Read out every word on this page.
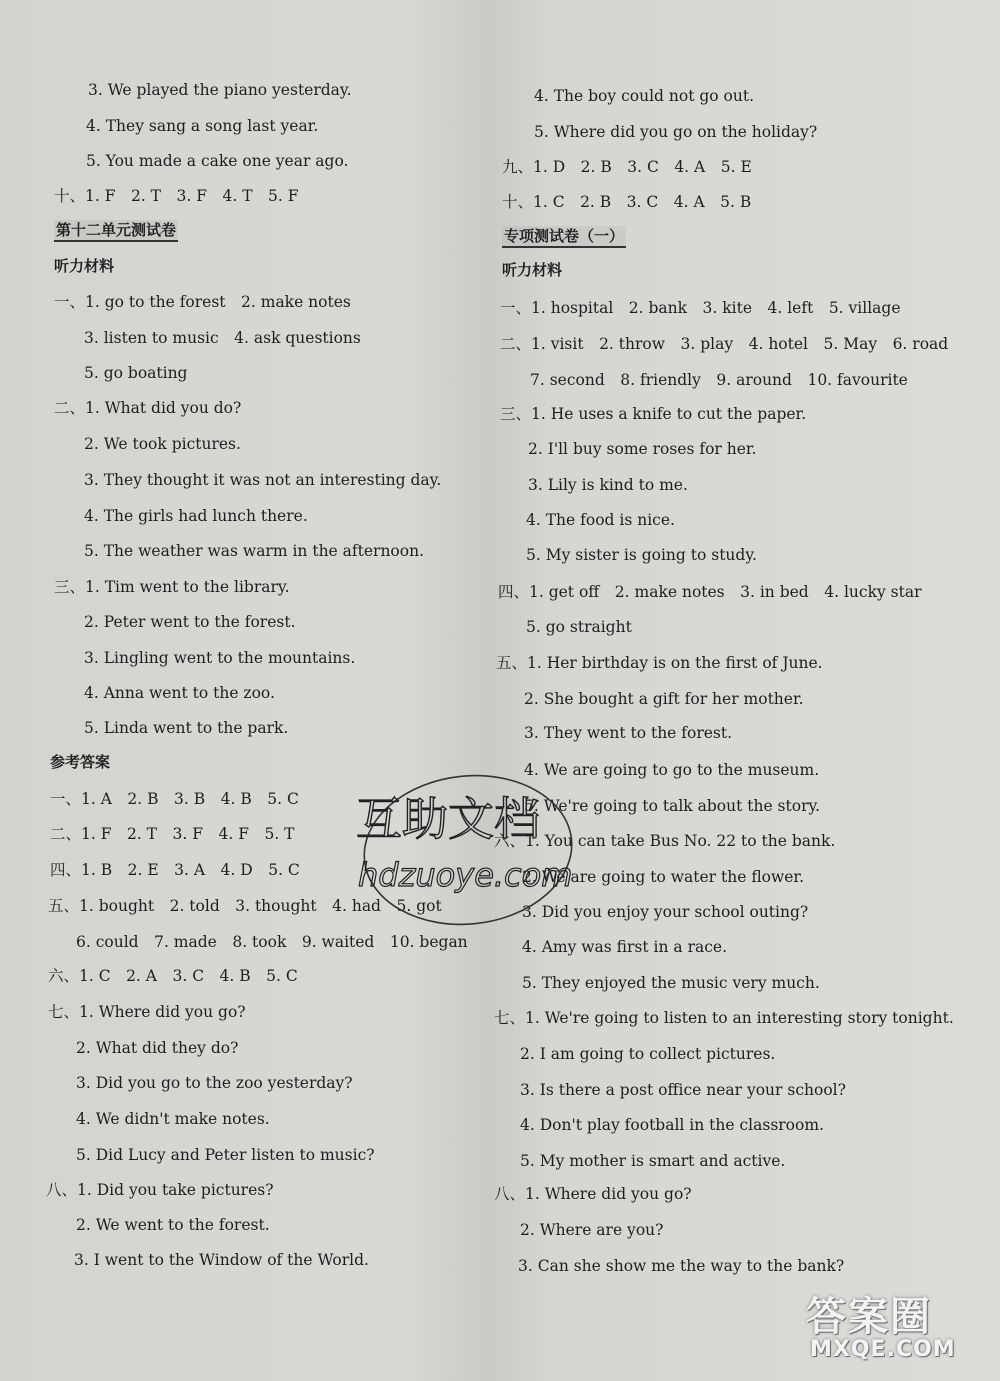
3. We played the piano yesterday.
4. They sang a song last year.
5. You made a cake one year ago.
十、1. F　2. T　3. F　4. T　5. F
第十二单元测试卷
听力材料
一、1. go to the forest　2. make notes
3. listen to music　4. ask questions
5. go boating
二、1. What did you do?
2. We took pictures.
3. They thought it was not an interesting day.
4. The girls had lunch there.
5. The weather was warm in the afternoon.
三、1. Tim went to the library.
2. Peter went to the forest.
3. Lingling went to the mountains.
4. Anna went to the zoo.
5. Linda went to the park.
参考答案
一、1. A　2. B　3. B　4. B　5. C
二、1. F　2. T　3. F　4. F　5. T
四、1. B　2. E　3. A　4. D　5. C
五、1. bought　2. told　3. thought　4. had　5. got
6. could　7. made　8. took　9. waited　10. began
六、1. C　2. A　3. C　4. B　5. C
七、1. Where did you go?
2. What did they do?
3. Did you go to the zoo yesterday?
4. We didn't make notes.
5. Did Lucy and Peter listen to music?
八、1. Did you take pictures?
2. We went to the forest.
3. I went to the Window of the World.
4. The boy could not go out.
5. Where did you go on the holiday?
九、1. D　2. B　3. C　4. A　5. E
十、1. C　2. B　3. C　4. A　5. B
专项测试卷（一）
听力材料
一、1. hospital　2. bank　3. kite　4. left　5. village
二、1. visit　2. throw　3. play　4. hotel　5. May　6. road
7. second　8. friendly　9. around　10. favourite
三、1. He uses a knife to cut the paper.
2. I'll buy some roses for her.
3. Lily is kind to me.
4. The food is nice.
5. My sister is going to study.
四、1. get off　2. make notes　3. in bed　4. lucky star
5. go straight
五、1. Her birthday is on the first of June.
2. She bought a gift for her mother.
3. They went to the forest.
4. We are going to go to the museum.
5. We're going to talk about the story.
六、1. You can take Bus No. 22 to the bank.
2. We are going to water the flower.
3. Did you enjoy your school outing?
4. Amy was first in a race.
5. They enjoyed the music very much.
七、1. We're going to listen to an interesting story tonight.
2. I am going to collect pictures.
3. Is there a post office near your school?
4. Don't play football in the classroom.
5. My mother is smart and active.
八、1. Where did you go?
2. Where are you?
3. Can she show me the way to the bank?
互助文档
hdzuoye.com
答案圈
MXQE.COM
